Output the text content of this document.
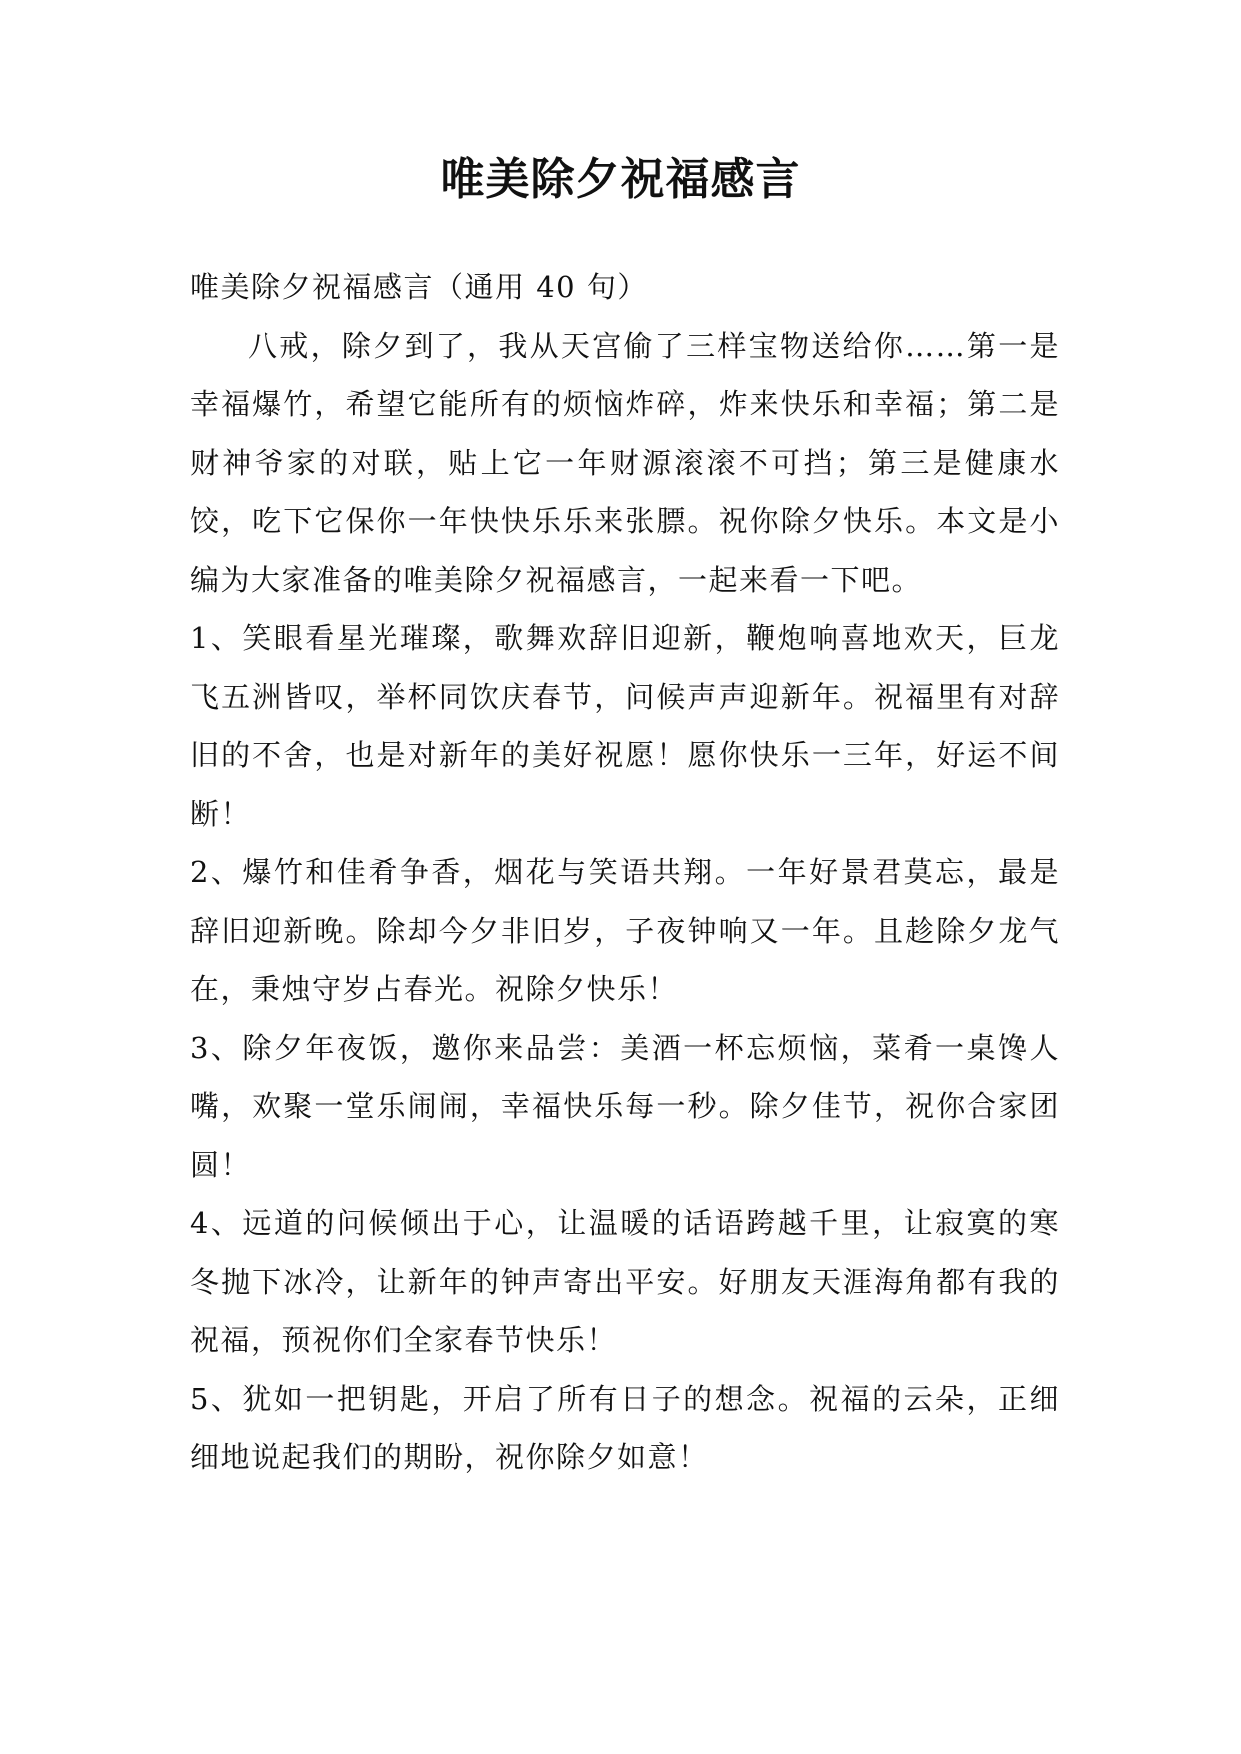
唯美除夕祝福感言

唯美除夕祝福感言（通用 40 句）

八戒，除夕到了，我从天宫偷了三样宝物送给你……第一是幸福爆竹，希望它能所有的烦恼炸碎，炸来快乐和幸福；第二是财神爷家的对联，贴上它一年财源滚滚不可挡；第三是健康水饺，吃下它保你一年快快乐乐来张膘。祝你除夕快乐。本文是小编为大家准备的唯美除夕祝福感言，一起来看一下吧。

1、笑眼看星光璀璨，歌舞欢辞旧迎新，鞭炮响喜地欢天，巨龙飞五洲皆叹，举杯同饮庆春节，问候声声迎新年。祝福里有对辞旧的不舍，也是对新年的美好祝愿！愿你快乐一三年，好运不间断！

2、爆竹和佳肴争香，烟花与笑语共翔。一年好景君莫忘，最是辞旧迎新晚。除却今夕非旧岁，子夜钟响又一年。且趁除夕龙气在，秉烛守岁占春光。祝除夕快乐！

3、除夕年夜饭，邀你来品尝：美酒一杯忘烦恼，菜肴一桌馋人嘴，欢聚一堂乐闹闹，幸福快乐每一秒。除夕佳节，祝你合家团圆！

4、远道的问候倾出于心，让温暖的话语跨越千里，让寂寞的寒冬抛下冰冷，让新年的钟声寄出平安。好朋友天涯海角都有我的祝福，预祝你们全家春节快乐！

5、犹如一把钥匙，开启了所有日子的想念。祝福的云朵，正细细地说起我们的期盼，祝你除夕如意！
